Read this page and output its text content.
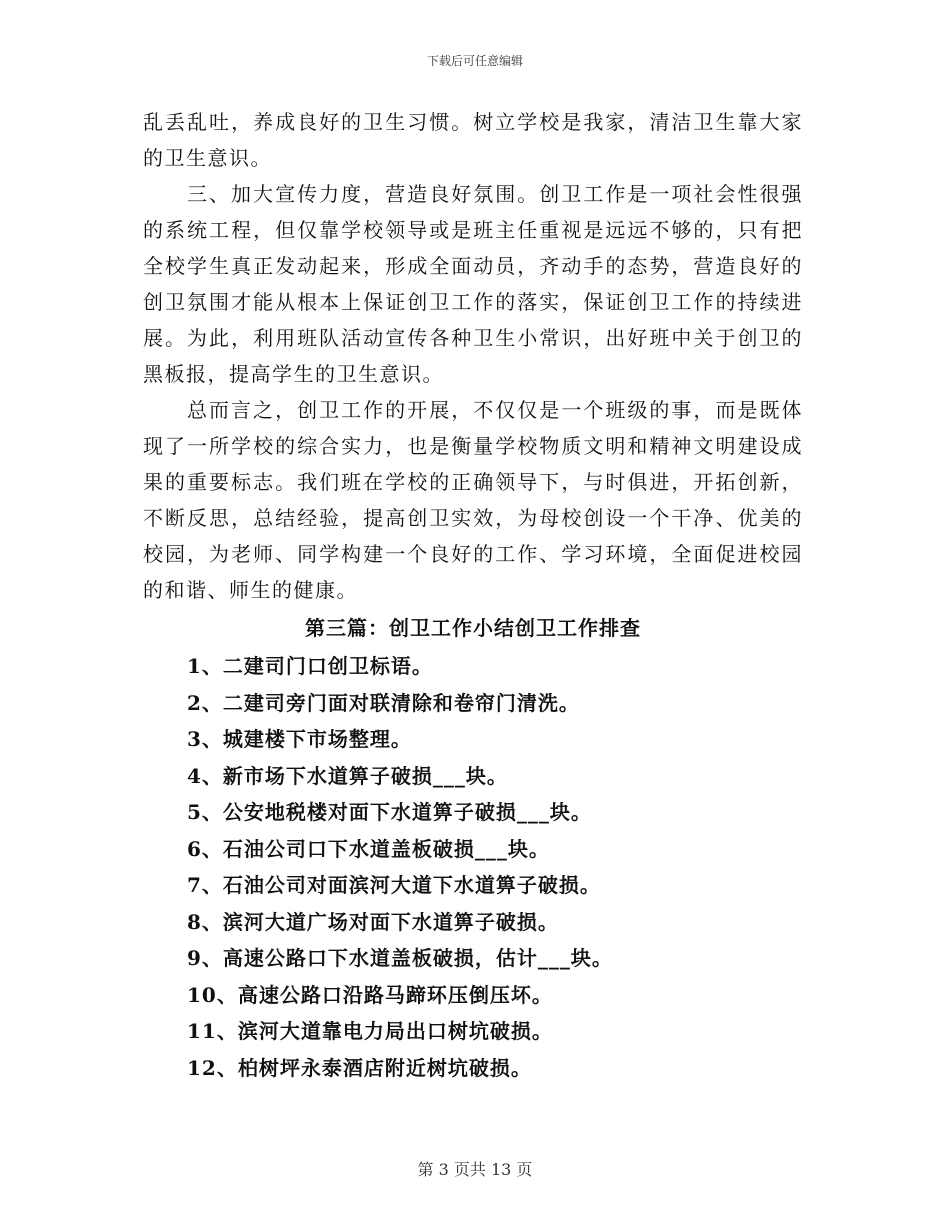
下载后可任意编辑

乱丢乱吐，养成良好的卫生习惯。树立学校是我家，清洁卫生靠大家的卫生意识。

三、加大宣传力度，营造良好氛围。创卫工作是一项社会性很强的系统工程，但仅靠学校领导或是班主任重视是远远不够的，只有把全校学生真正发动起来，形成全面动员，齐动手的态势，营造良好的创卫氛围才能从根本上保证创卫工作的落实，保证创卫工作的持续进展。为此，利用班队活动宣传各种卫生小常识，出好班中关于创卫的黑板报，提高学生的卫生意识。

总而言之，创卫工作的开展，不仅仅是一个班级的事，而是既体现了一所学校的综合实力，也是衡量学校物质文明和精神文明建设成果的重要标志。我们班在学校的正确领导下，与时俱进，开拓创新，不断反思，总结经验，提高创卫实效，为母校创设一个干净、优美的校园，为老师、同学构建一个良好的工作、学习环境，全面促进校园的和谐、师生的健康。

第三篇：创卫工作小结创卫工作排查
1、二建司门口创卫标语。
2、二建司旁门面对联清除和卷帘门清洗。
3、城建楼下市场整理。
4、新市场下水道箅子破损___块。
5、公安地税楼对面下水道箅子破损___块。
6、石油公司口下水道盖板破损___块。
7、石油公司对面滨河大道下水道箅子破损。
8、滨河大道广场对面下水道箅子破损。
9、高速公路口下水道盖板破损，估计___块。
10、高速公路口沿路马蹄环压倒压坏。
11、滨河大道靠电力局出口树坑破损。
12、柏树坪永泰酒店附近树坑破损。
第 3 页共 13 页
